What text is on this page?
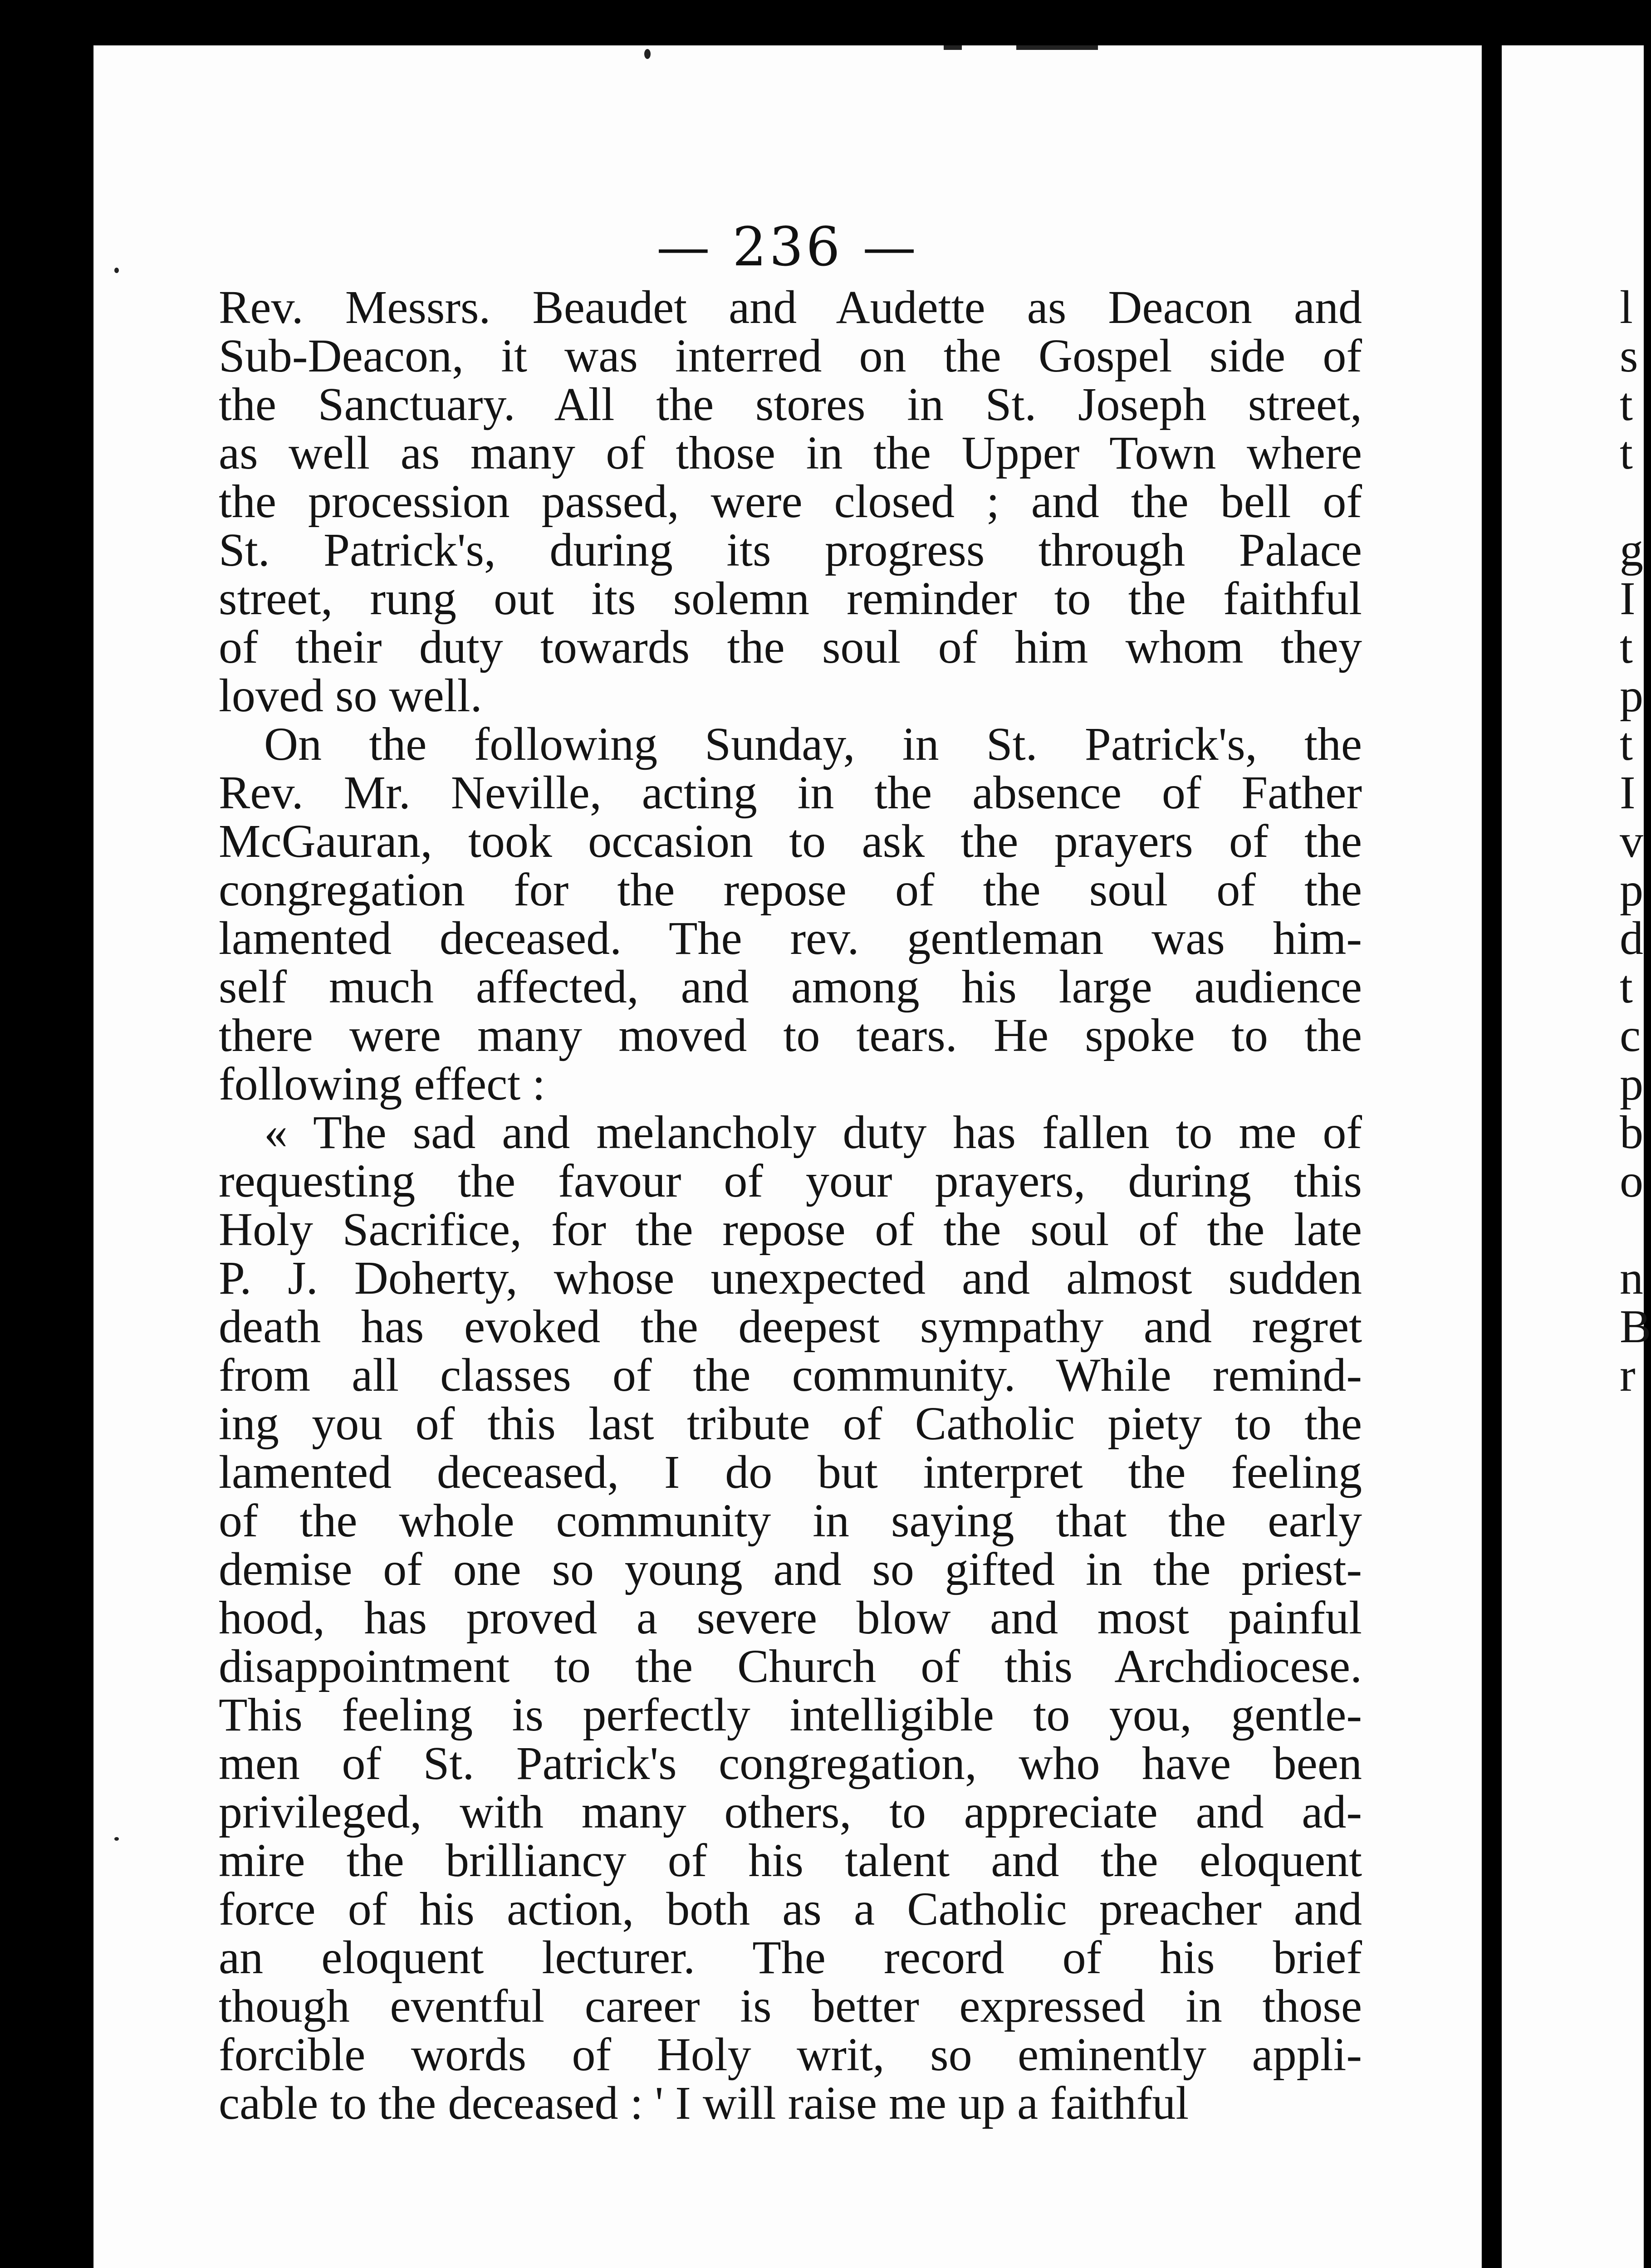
— 236 —
Rev. Messrs. Beaudet and Audette as Deacon and
Sub-Deacon, it was interred on the Gospel side of
the Sanctuary. All the stores in St. Joseph street,
as well as many of those in the Upper Town where
the procession passed, were closed ; and the bell of
St. Patrick's, during its progress through Palace
street, rung out its solemn reminder to the faithful
of their duty towards the soul of him whom they
loved so well.
On the following Sunday, in St. Patrick's, the
Rev. Mr. Neville, acting in the absence of Father
McGauran, took occasion to ask the prayers of the
congregation for the repose of the soul of the
lamented deceased. The rev. gentleman was him-
self much affected, and among his large audience
there were many moved to tears. He spoke to the
following effect :
« The sad and melancholy duty has fallen to me of
requesting the favour of your prayers, during this
Holy Sacrifice, for the repose of the soul of the late
P. J. Doherty, whose unexpected and almost sudden
death has evoked the deepest sympathy and regret
from all classes of the community. While remind-
ing you of this last tribute of Catholic piety to the
lamented deceased, I do but interpret the feeling
of the whole community in saying that the early
demise of one so young and so gifted in the priest-
hood, has proved a severe blow and most painful
disappointment to the Church of this Archdiocese.
This feeling is perfectly intelligible to you, gentle-
men of St. Patrick's congregation, who have been
privileged, with many others, to appreciate and ad-
mire the brilliancy of his talent and the eloquent
force of his action, both as a Catholic preacher and
an eloquent lecturer. The record of his brief
though eventful career is better expressed in those
forcible words of Holy writ, so eminently appli-
cable to the deceased : ' I will raise me up a faithful
l
s
t
t
g
I
t
p
t
I
v
p
d
t
c
p
b
o
n
B
r
